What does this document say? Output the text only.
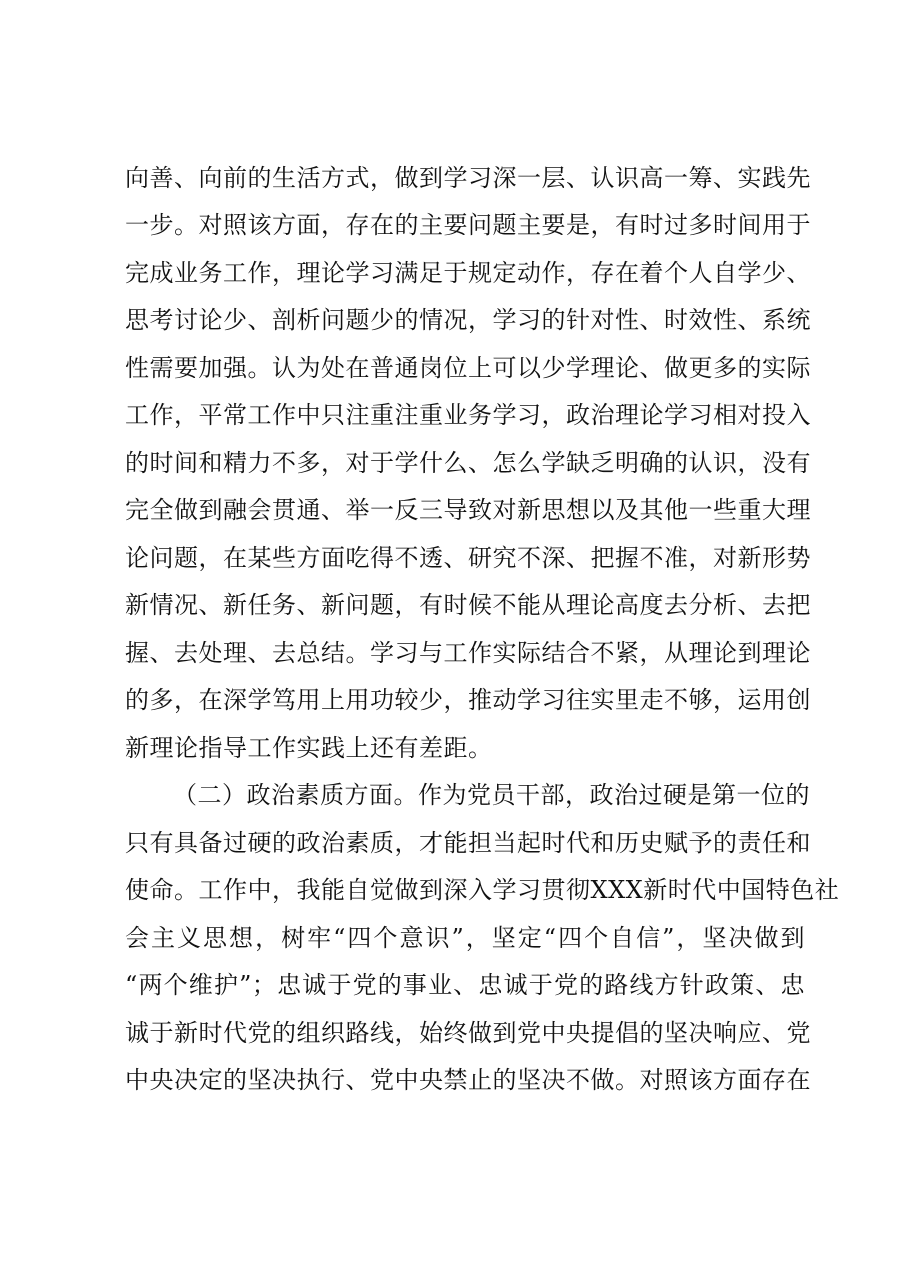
向善、向前的生活方式，做到学习深一层、认识高一筹、实践先
一步。对照该方面，存在的主要问题主要是，有时过多时间用于
完成业务工作，理论学习满足于规定动作，存在着个人自学少、
思考讨论少、剖析问题少的情况，学习的针对性、时效性、系统
性需要加强。认为处在普通岗位上可以少学理论、做更多的实际
工作，平常工作中只注重注重业务学习，政治理论学习相对投入
的时间和精力不多，对于学什么、怎么学缺乏明确的认识，没有
完全做到融会贯通、举一反三导致对新思想以及其他一些重大理
论问题，在某些方面吃得不透、研究不深、把握不准，对新形势
新情况、新任务、新问题，有时候不能从理论高度去分析、去把
握、去处理、去总结。学习与工作实际结合不紧，从理论到理论
的多，在深学笃用上用功较少，推动学习往实里走不够，运用创
新理论指导工作实践上还有差距。
（二）政治素质方面。作为党员干部，政治过硬是第一位的
只有具备过硬的政治素质，才能担当起时代和历史赋予的责任和
使命。工作中，我能自觉做到深入学习贯彻XXX新时代中国特色社
会主义思想，树牢“四个意识”，坚定“四个自信”，坚决做到
“两个维护”；忠诚于党的事业、忠诚于党的路线方针政策、忠
诚于新时代党的组织路线，始终做到党中央提倡的坚决响应、党
中央决定的坚决执行、党中央禁止的坚决不做。对照该方面存在
